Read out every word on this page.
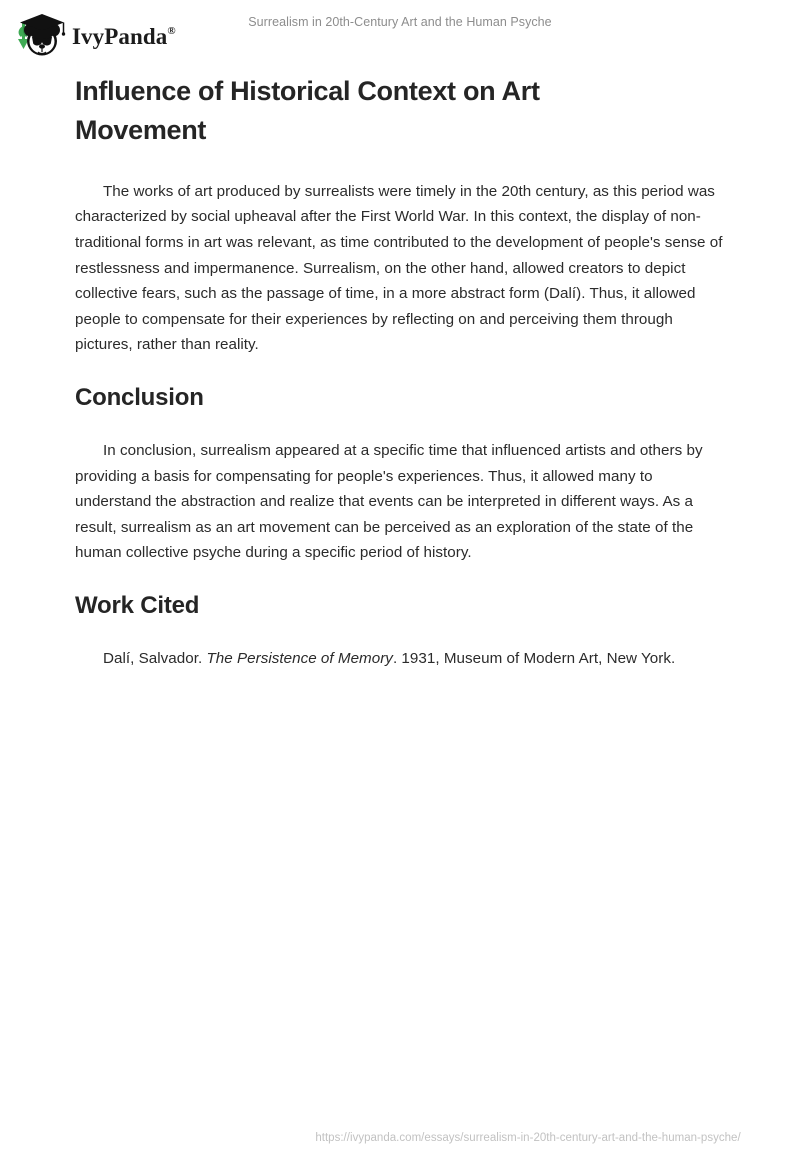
IvyPanda®
Surrealism in 20th-Century Art and the Human Psyche
Influence of Historical Context on Art Movement

The works of art produced by surrealists were timely in the 20th century, as this period was characterized by social upheaval after the First World War. In this context, the display of non-traditional forms in art was relevant, as time contributed to the development of people's sense of restlessness and impermanence. Surrealism, on the other hand, allowed creators to depict collective fears, such as the passage of time, in a more abstract form (Dalí). Thus, it allowed people to compensate for their experiences by reflecting on and perceiving them through pictures, rather than reality.

Conclusion

In conclusion, surrealism appeared at a specific time that influenced artists and others by providing a basis for compensating for people's experiences. Thus, it allowed many to understand the abstraction and realize that events can be interpreted in different ways. As a result, surrealism as an art movement can be perceived as an exploration of the state of the human collective psyche during a specific period of history.

Work Cited

Dalí, Salvador. The Persistence of Memory. 1931, Museum of Modern Art, New York.

https://ivypanda.com/essays/surrealism-in-20th-century-art-and-the-human-psyche/
